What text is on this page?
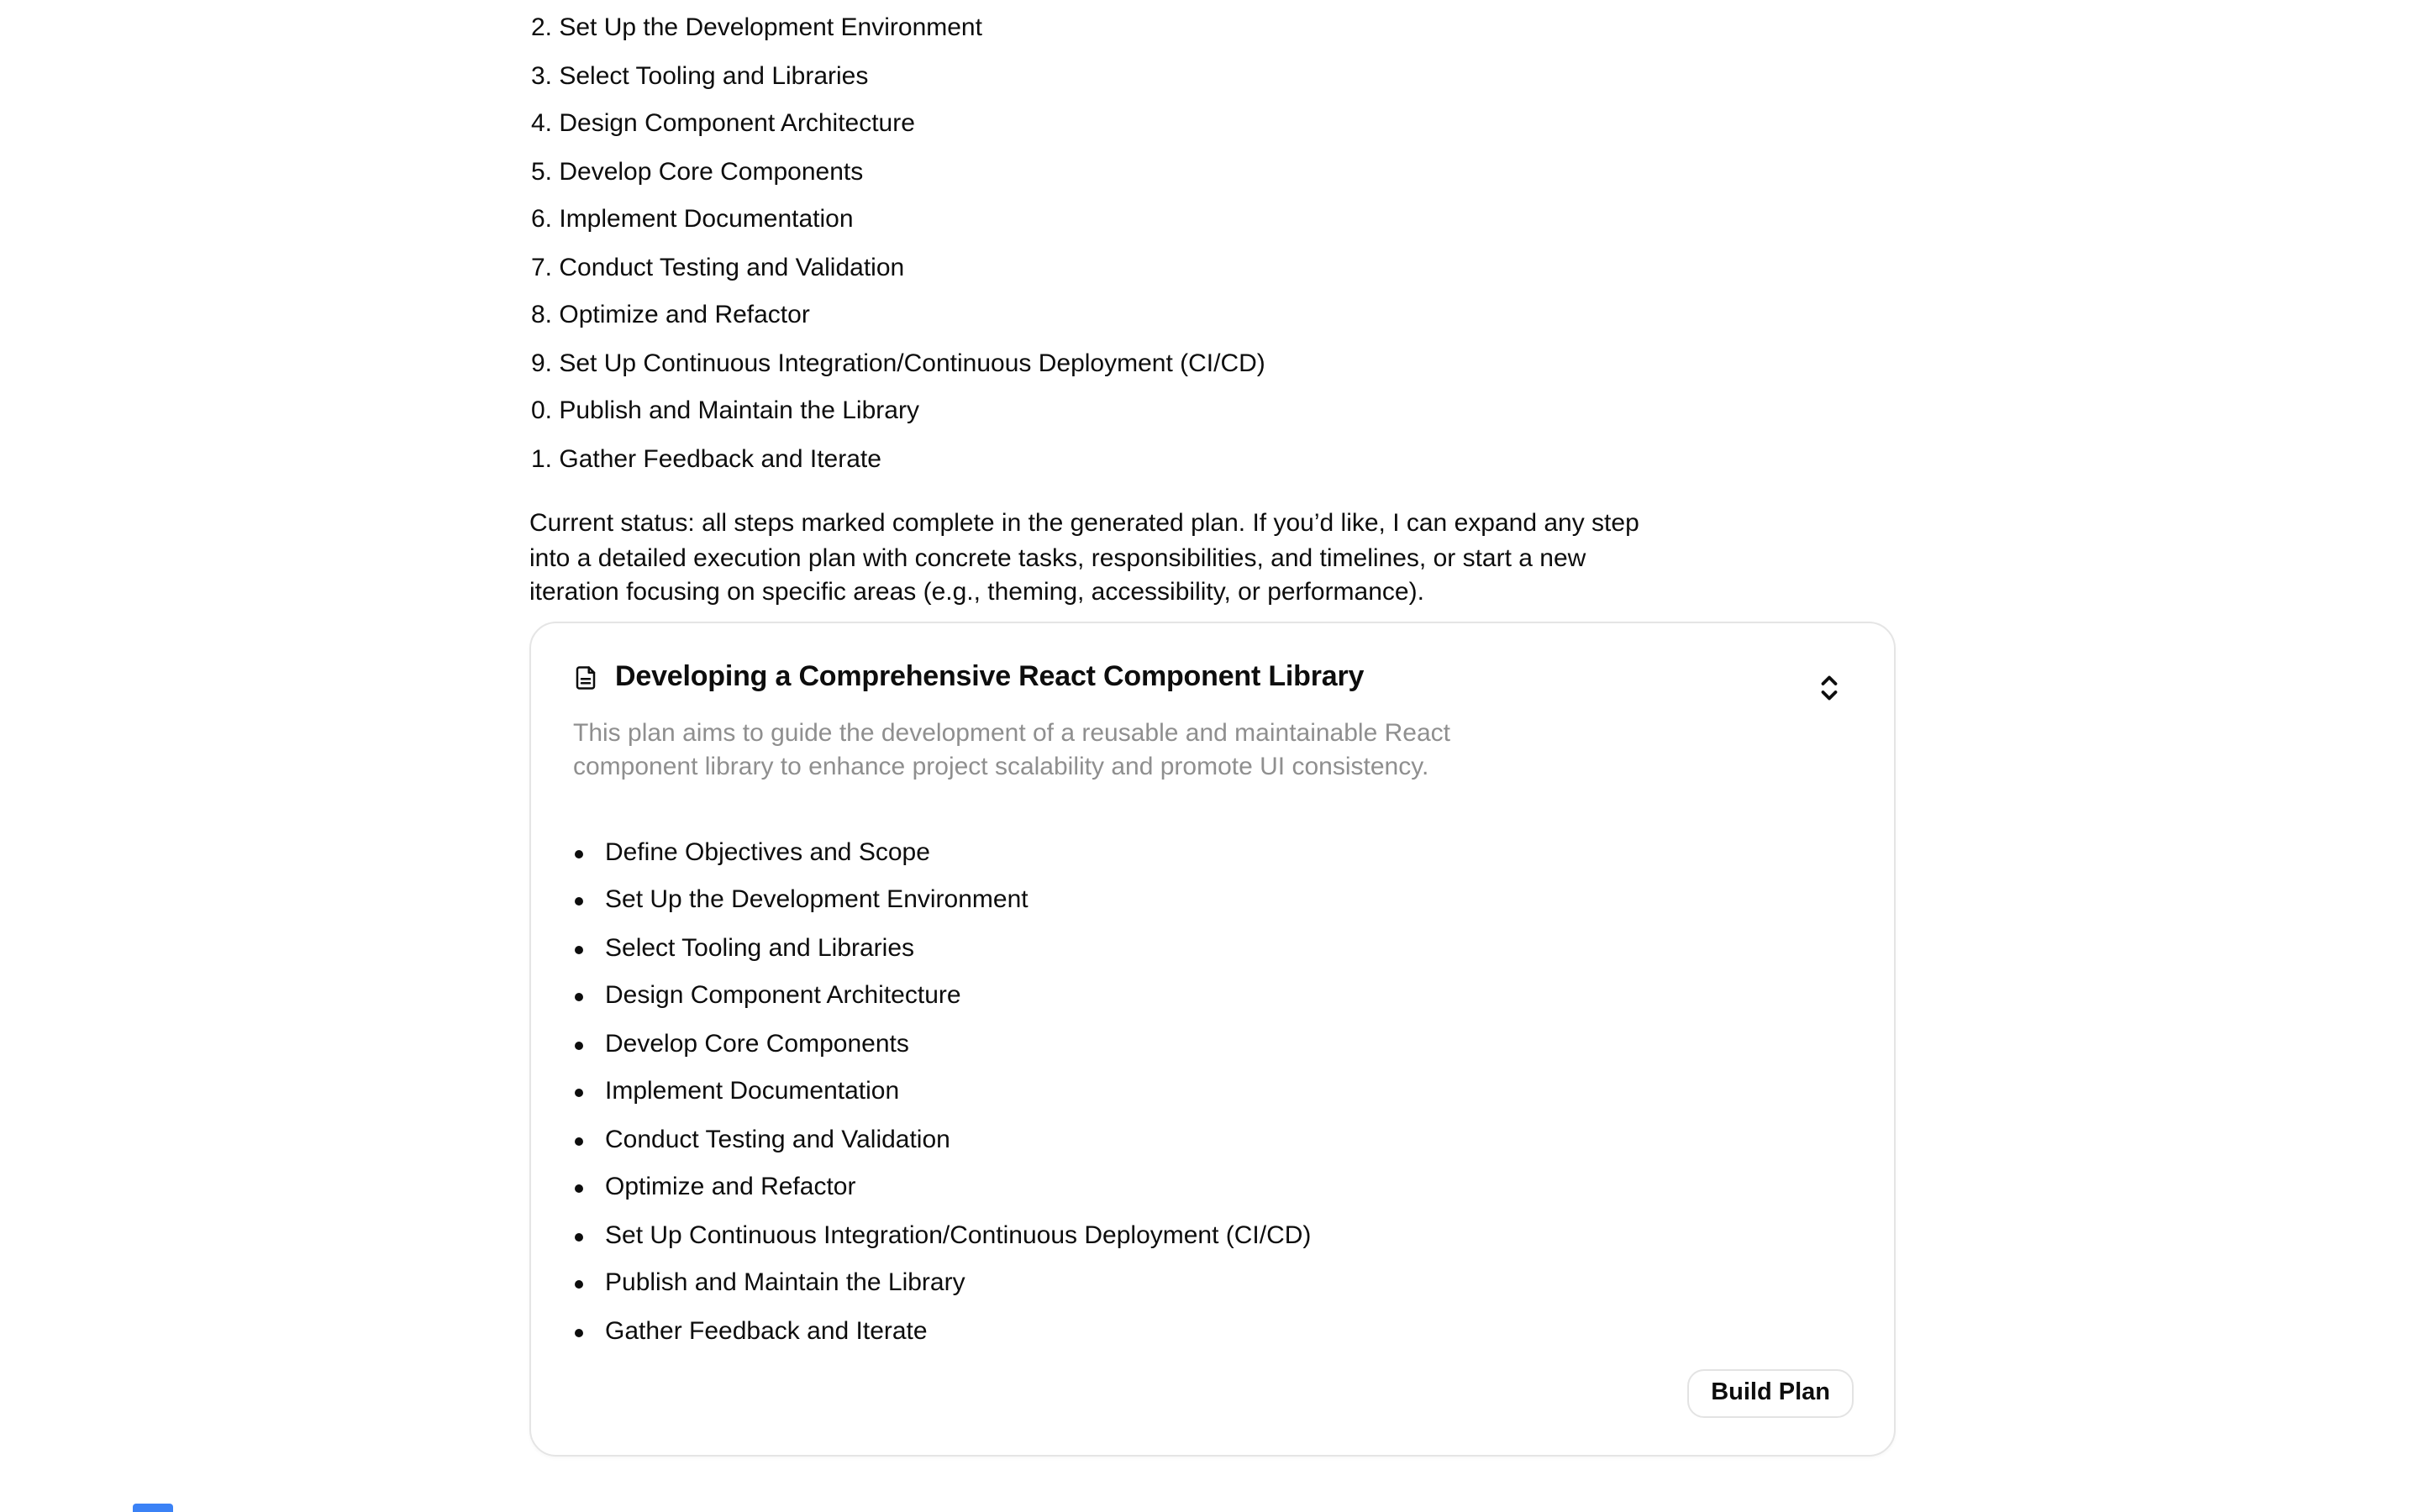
2. Set Up the Development Environment
3. Select Tooling and Libraries
4. Design Component Architecture
5. Develop Core Components
6. Implement Documentation
7. Conduct Testing and Validation
8. Optimize and Refactor
9. Set Up Continuous Integration/Continuous Deployment (CI/CD)
0. Publish and Maintain the Library
1. Gather Feedback and Iterate
Current status: all steps marked complete in the generated plan. If you’d like, I can expand any step
into a detailed execution plan with concrete tasks, responsibilities, and timelines, or start a new
iteration focusing on specific areas (e.g., theming, accessibility, or performance).
Developing a Comprehensive React Component Library
This plan aims to guide the development of a reusable and maintainable React
component library to enhance project scalability and promote UI consistency.
Define Objectives and Scope
Set Up the Development Environment
Select Tooling and Libraries
Design Component Architecture
Develop Core Components
Implement Documentation
Conduct Testing and Validation
Optimize and Refactor
Set Up Continuous Integration/Continuous Deployment (CI/CD)
Publish and Maintain the Library
Gather Feedback and Iterate
Build Plan
